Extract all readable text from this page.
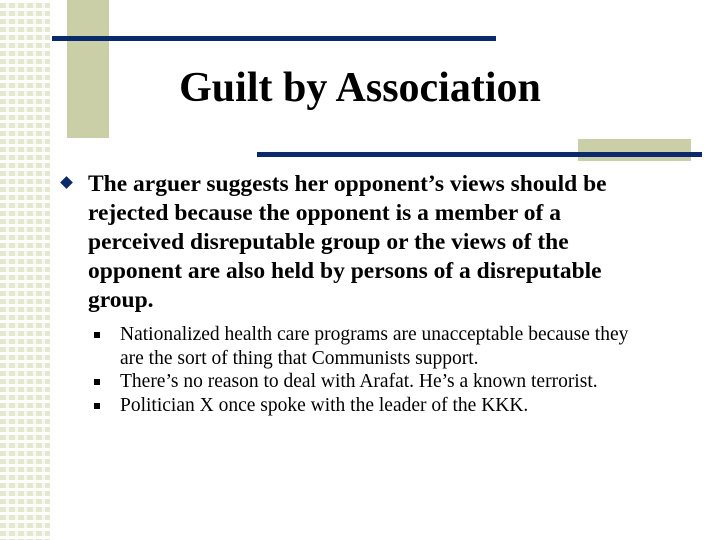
Guilt by Association
The arguer suggests her opponent’s views should be rejected because the opponent is a member of a perceived disreputable group or the views of the opponent are also held by persons of a disreputable group.
Nationalized health care programs are unacceptable because they are the sort of thing that Communists support.
There’s no reason to deal with Arafat. He’s a known terrorist.
Politician X once spoke with the leader of the KKK.
